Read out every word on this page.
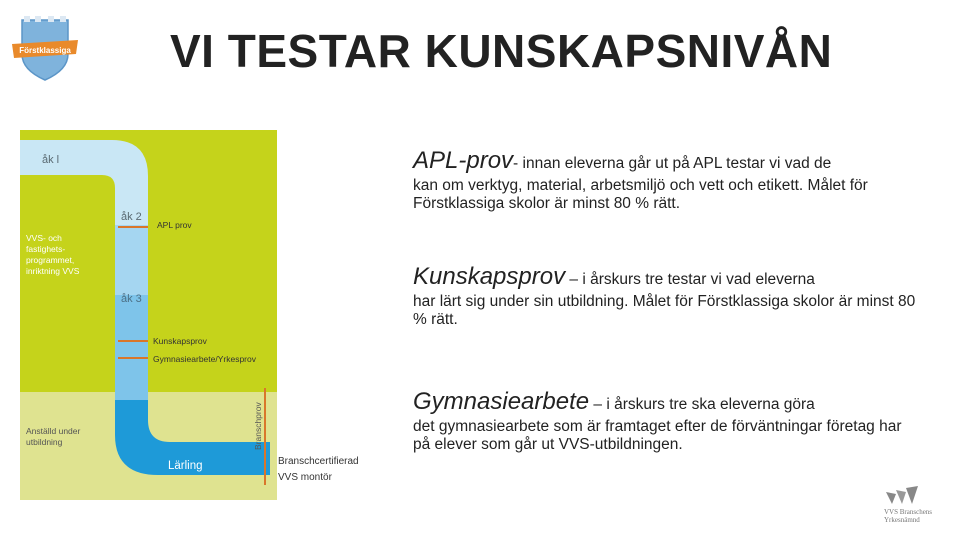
Förstklassiga VI TESTAR KUNSKAPSNIVÅN
åk l
åk 2
APL prov
VVS- och
fastighets-
programmet,
inriktning VVS
åk 3
Kunskapsprov
Gymnasiearbete/Yrkesprov
Anställd under
utbildning
Lärling
Branschprov
Branschcertifierad
VVS montör
APL-prov- innan eleverna går ut på APL testar vi vad de
kan om verktyg, material, arbetsmiljö och vett och etikett. Målet för Förstklassiga skolor är minst 80 % rätt.
Kunskapsprov – i årskurs tre testar vi vad eleverna
har lärt sig under sin utbildning. Målet för Förstklassiga skolor är minst 80 % rätt.
Gymnasiearbete – i årskurs tre ska eleverna göra
det gymnasiearbete som är framtaget efter de förväntningar företag har på elever som går ut VVS-utbildningen.
VVS Branschens
Yrkesnämnd
